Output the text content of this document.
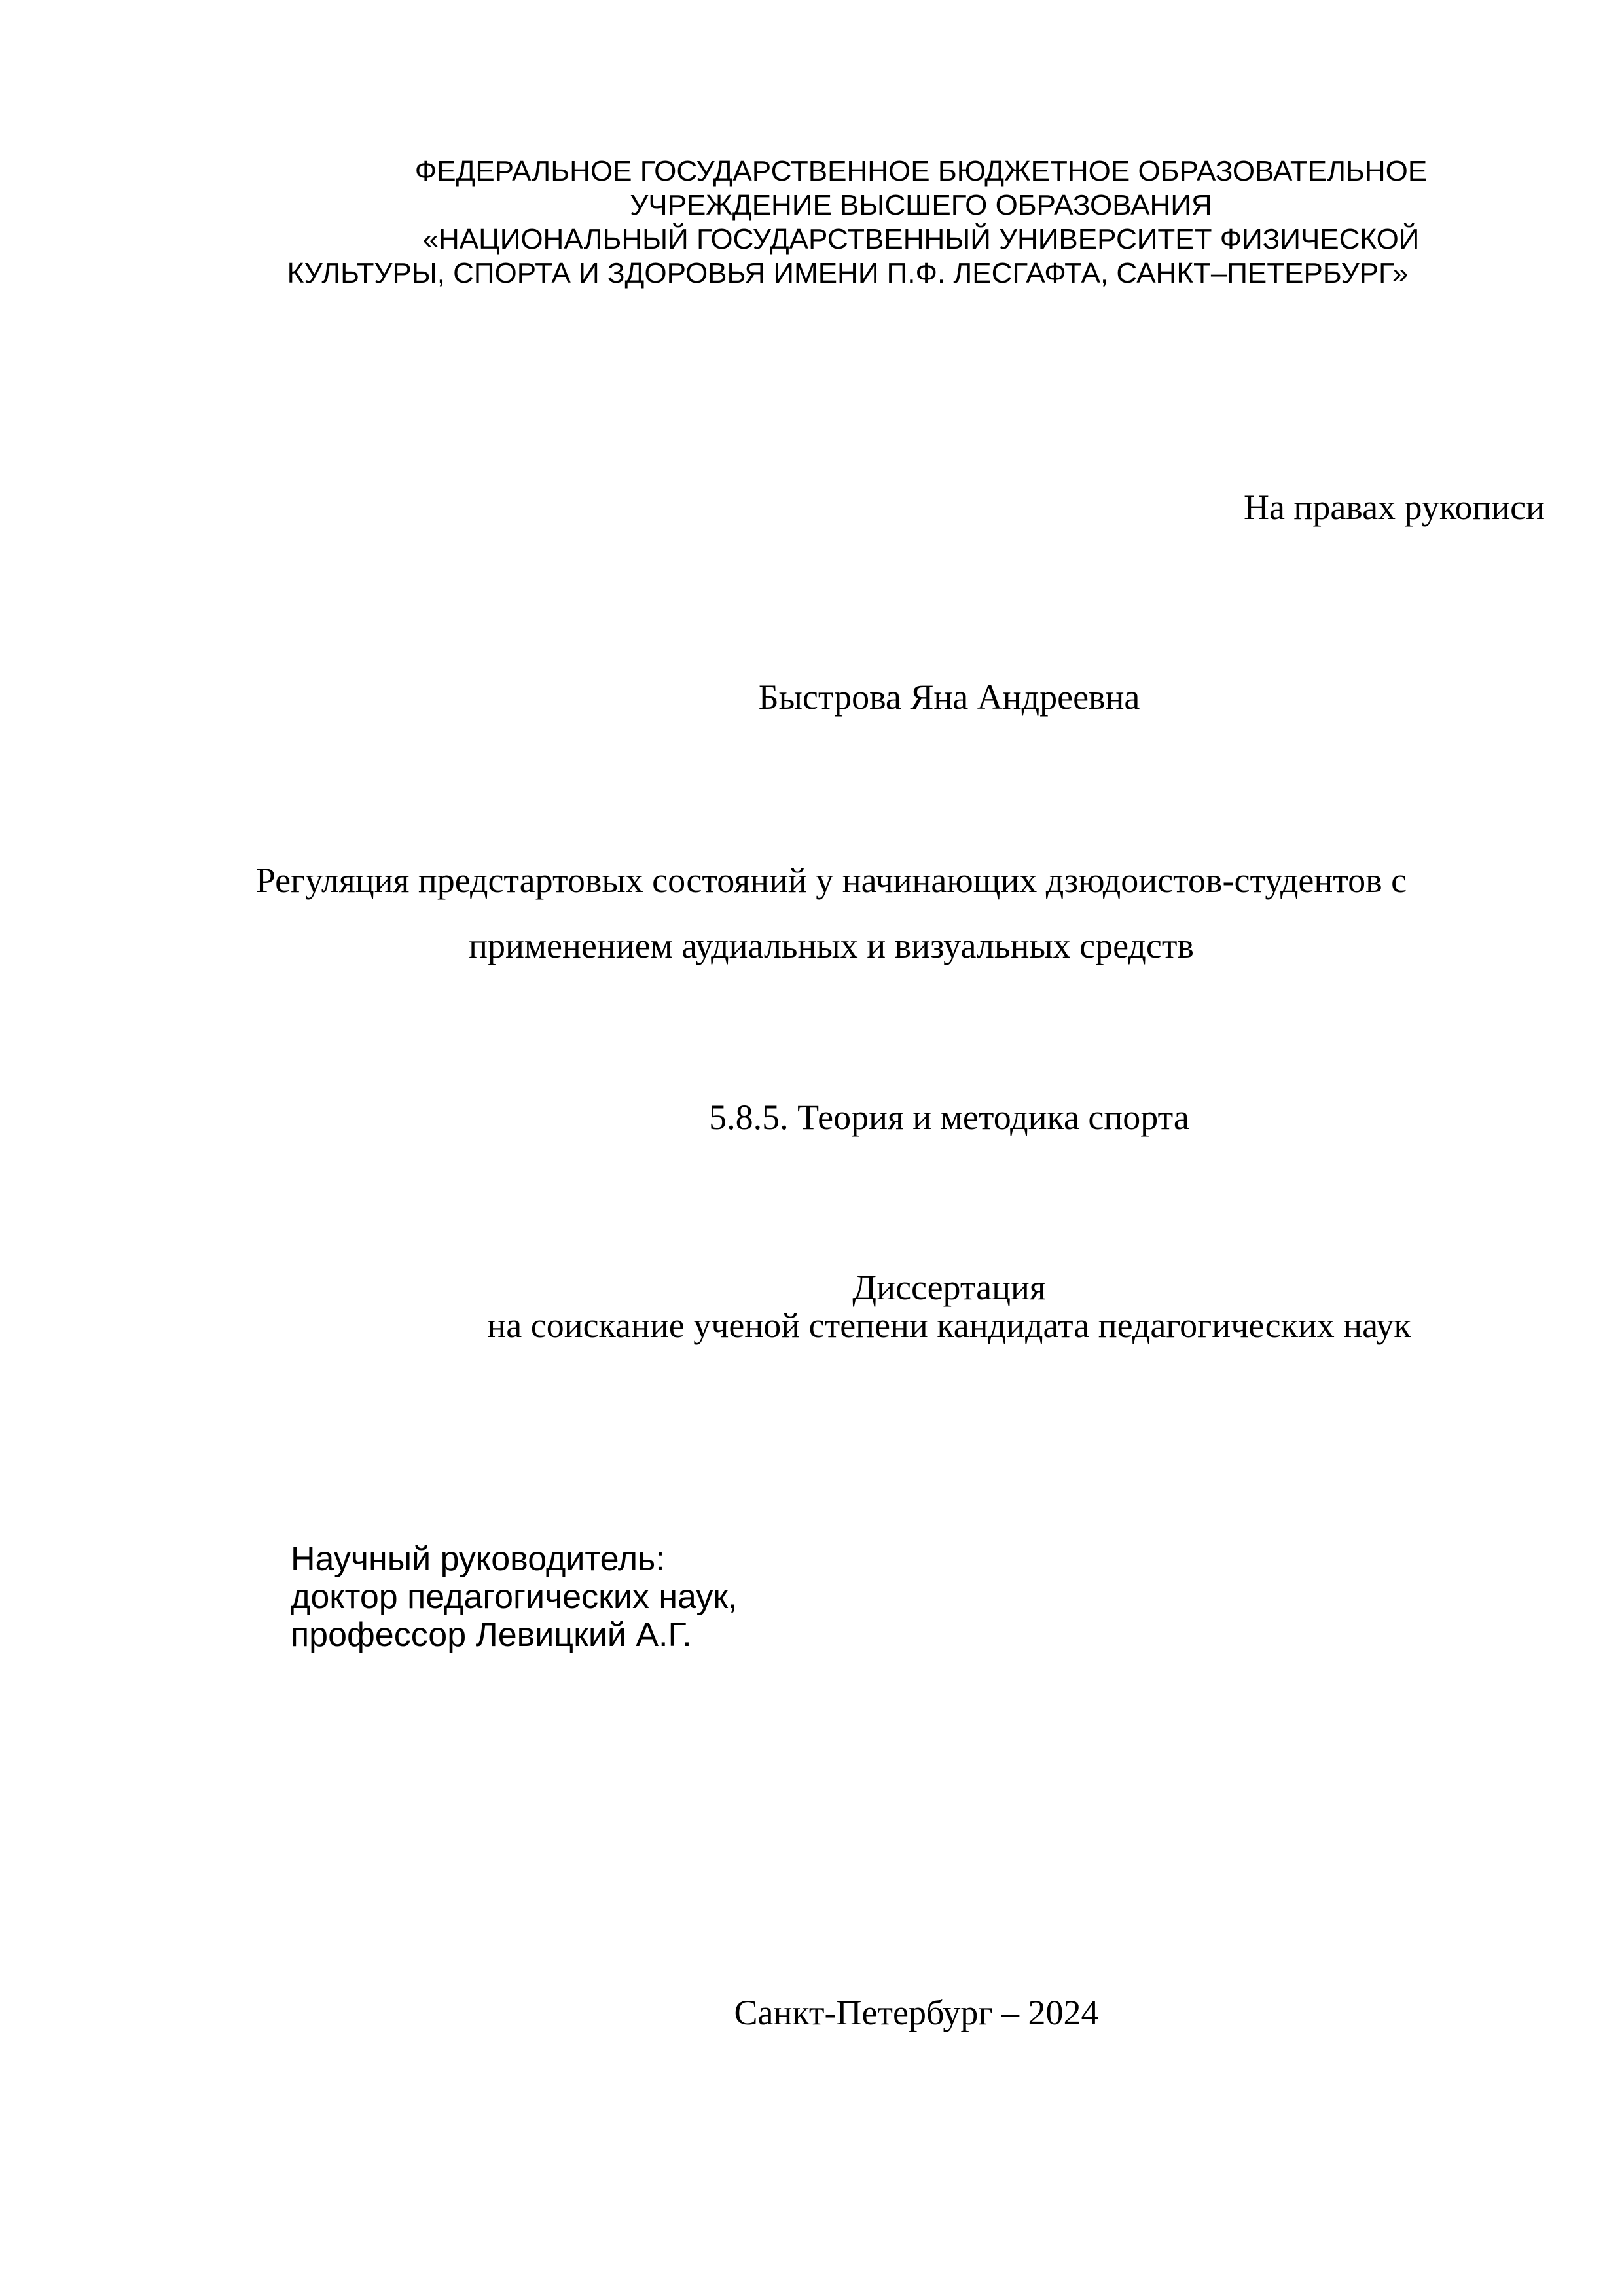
ФЕДЕРАЛЬНОЕ ГОСУДАРСТВЕННОЕ БЮДЖЕТНОЕ ОБРАЗОВАТЕЛЬНОЕ

УЧРЕЖДЕНИЕ ВЫСШЕГО ОБРАЗОВАНИЯ

«НАЦИОНАЛЬНЫЙ ГОСУДАРСТВЕННЫЙ УНИВЕРСИТЕТ ФИЗИЧЕСКОЙ

КУЛЬТУРЫ, СПОРТА И ЗДОРОВЬЯ ИМЕНИ П.Ф. ЛЕСГАФТА, САНКТ–ПЕТЕРБУРГ»

На правах рукописи

Быстрова Яна Андреевна

Регуляция предстартовых состояний у начинающих дзюдоистов-студентов с

применением аудиальных и визуальных средств

5.8.5. Теория и методика спорта

Диссертация

на соискание ученой степени кандидата педагогических наук

Научный руководитель:

доктор педагогических наук,

профессор Левицкий А.Г.

Санкт-Петербург – 2024
